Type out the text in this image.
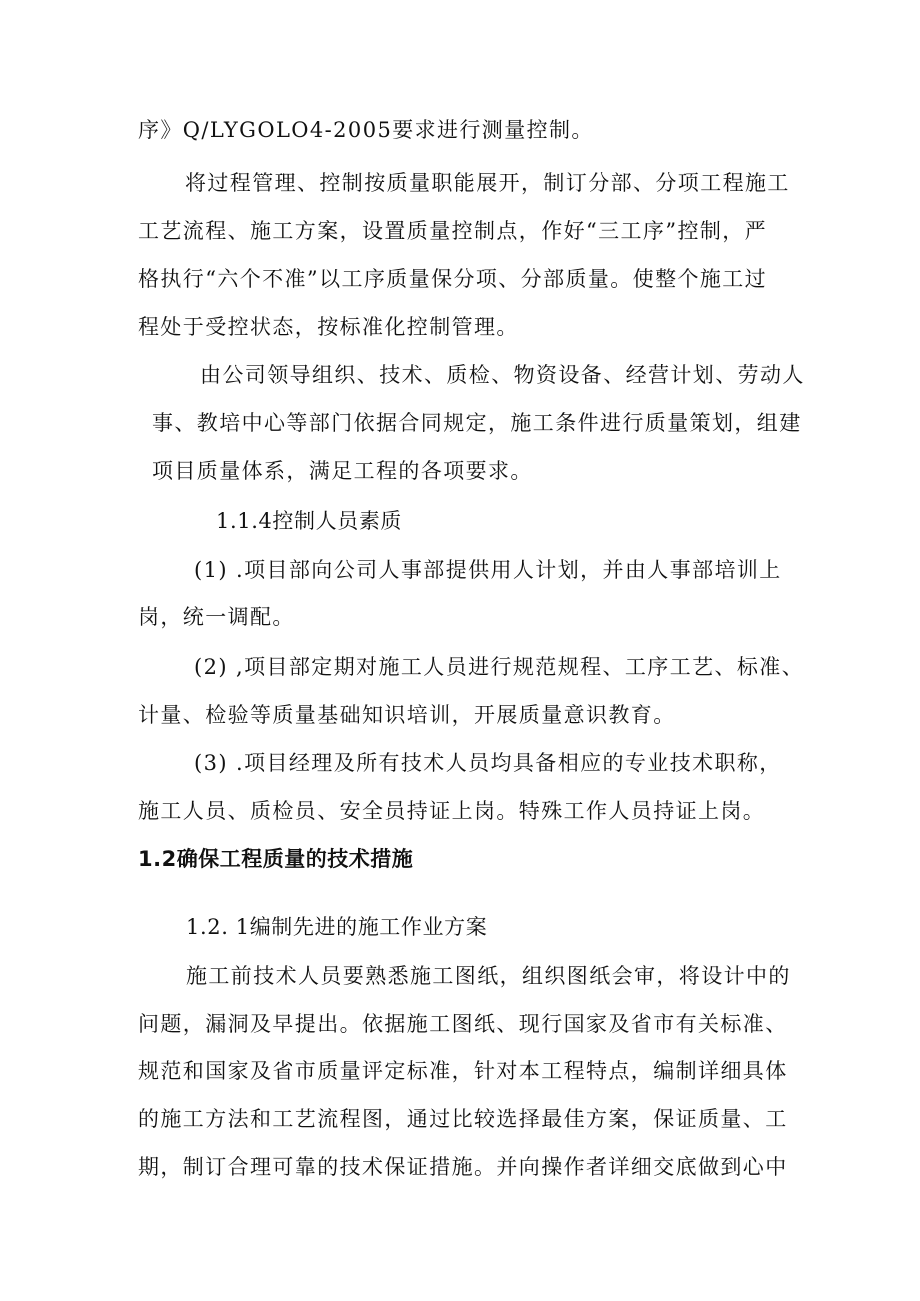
序》Q/LYGOLO4-2005要求进行测量控制。
将过程管理、控制按质量职能展开，制订分部、分项工程施工
工艺流程、施工方案，设置质量控制点，作好“三工序”控制，严
格执行“六个不准”以工序质量保分项、分部质量。使整个施工过
程处于受控状态，按标准化控制管理。
由公司领导组织、技术、质检、物资设备、经营计划、劳动人
事、教培中心等部门依据合同规定，施工条件进行质量策划，组建
项目质量体系，满足工程的各项要求。
1.1.4控制人员素质
(1) .项目部向公司人事部提供用人计划，并由人事部培训上
岗，统一调配。
(2) ,项目部定期对施工人员进行规范规程、工序工艺、标准、
计量、检验等质量基础知识培训，开展质量意识教育。
(3) .项目经理及所有技术人员均具备相应的专业技术职称，
施工人员、质检员、安全员持证上岗。特殊工作人员持证上岗。
1.2确保工程质量的技术措施
1.2. 1编制先进的施工作业方案
施工前技术人员要熟悉施工图纸，组织图纸会审，将设计中的
问题，漏洞及早提出。依据施工图纸、现行国家及省市有关标准、
规范和国家及省市质量评定标准，针对本工程特点，编制详细具体
的施工方法和工艺流程图，通过比较选择最佳方案，保证质量、工
期，制订合理可靠的技术保证措施。并向操作者详细交底做到心中
